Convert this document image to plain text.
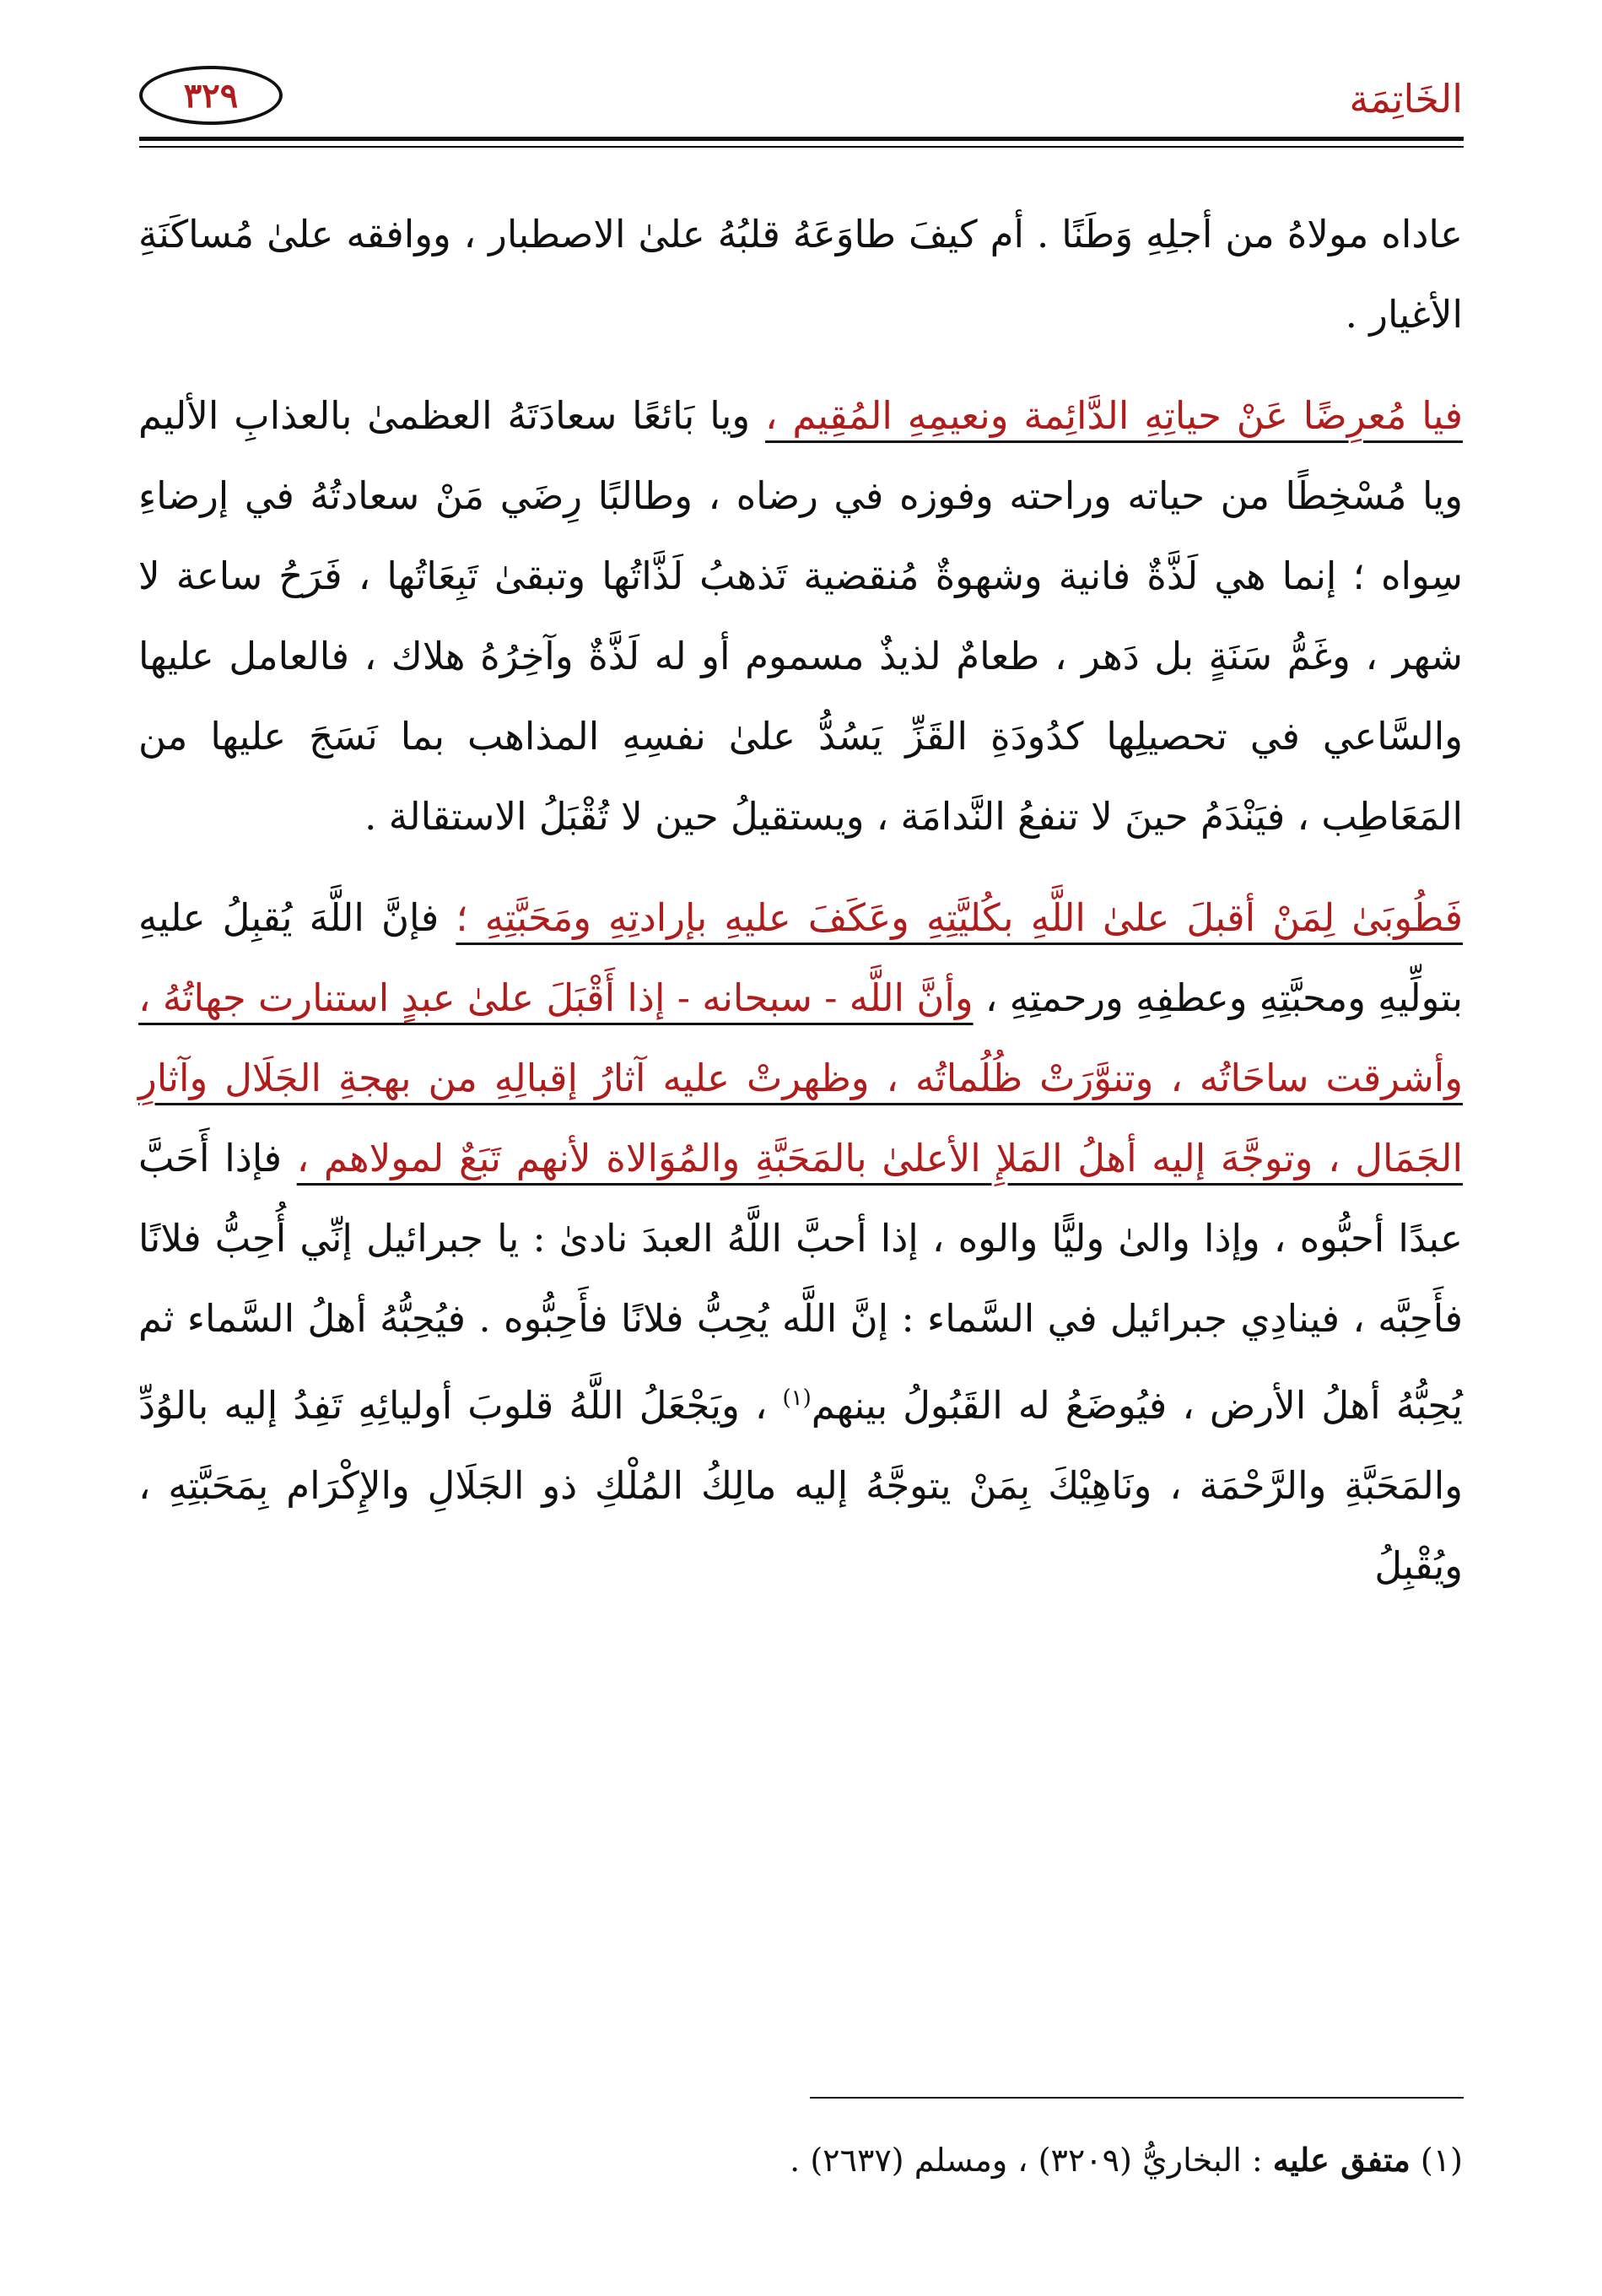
الخَاتِمَة
٣٢٩

عاداه مولاهُ من أجلِهِ وَطَنًا . أم كيفَ طاوَعَهُ قلبُهُ علىٰ الاصطبار ، ووافقه علىٰ مُساكَنَةِ الأغيار .

فيا مُعرِضًا عَنْ حياتِهِ الدَّائِمة ونعيمِهِ المُقِيم ، ويا بَائعًا سعادَتَهُ العظمىٰ بالعذابِ الأليم ويا مُسْخِطًا من حياته وراحته وفوزه في رضاه ، وطالبًا رِضَي مَنْ سعادتُهُ في إرضاءِ سِواه ؛ إنما هي لَذَّةٌ فانية وشهوةٌ مُنقضية تَذهبُ لَذَّاتُها وتبقىٰ تَبِعَاتُها ، فَرَحُ ساعة لا شهر ، وغَمُّ سَنَةٍ بل دَهر ، طعامٌ لذيذٌ مسموم أو له لَذَّةٌ وآخِرُهُ هلاك ، فالعامل عليها والسَّاعي في تحصيلِها كدُودَةِ القَزِّ يَسُدُّ علىٰ نفسِهِ المذاهب بما نَسَجَ عليها من المَعَاطِب ، فيَنْدَمُ حينَ لا تنفعُ النَّدامَة ، ويستقيلُ حين لا تُقْبَلُ الاستقالة .

فَطُوبَىٰ لِمَنْ أقبلَ علىٰ اللَّهِ بكُليَّتِهِ وعَكَفَ عليهِ بإرادتِهِ ومَحَبَّتِهِ ؛ فإنَّ اللَّهَ يُقبِلُ عليهِ بتولِّيهِ ومحبَّتِهِ وعطفِهِ ورحمتِهِ ، وأنَّ اللَّه - سبحانه - إذا أَقْبَلَ علىٰ عبدٍ استنارت جهاتُهُ ، وأشرقت ساحَاتُه ، وتنوَّرَتْ ظُلُماتُه ، وظهرتْ عليه آثارُ إقبالِهِ من بهجةِ الجَلَال وآثارِ الجَمَال ، وتوجَّهَ إليه أهلُ المَلإِ الأعلىٰ بالمَحَبَّةِ والمُوَالاة لأنهم تَبَعٌ لمولاهم ، فإذا أَحَبَّ عبدًا أحبُّوه ، وإذا والىٰ وليًّا والوه ، إذا أحبَّ اللَّهُ العبدَ نادىٰ : يا جبرائيل إنِّي أُحِبُّ فلانًا فأَحِبَّه ، فينادِي جبرائيل في السَّماء : إنَّ اللَّه يُحِبُّ فلانًا فأَحِبُّوه . فيُحِبُّهُ أهلُ السَّماء ثم يُحِبُّهُ أهلُ الأرض ، فيُوضَعُ له القَبُولُ بينهم$^{(١)}$ ، ويَجْعَلُ اللَّهُ قلوبَ أوليائِهِ تَفِدُ إليه بالوُدِّ والمَحَبَّةِ والرَّحْمَة ، ونَاهِيْكَ بِمَنْ يتوجَّهُ إليه مالِكُ المُلْكِ ذو الجَلَالِ والإِكْرَام بِمَحَبَّتِهِ ، ويُقْبِلُ

(١) متفق عليه : البخاريُّ (٣٢٠٩) ، ومسلم (٢٦٣٧) .
